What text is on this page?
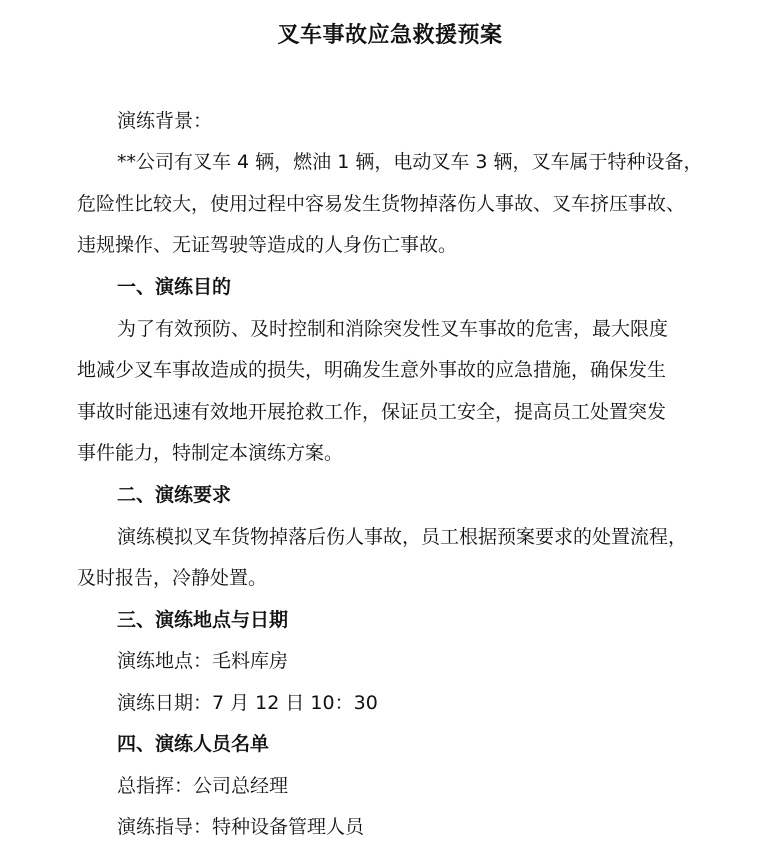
叉车事故应急救援预案
演练背景：
**公司有叉车 4 辆，燃油 1 辆，电动叉车 3 辆，叉车属于特种设备，
危险性比较大，使用过程中容易发生货物掉落伤人事故、叉车挤压事故、
违规操作、无证驾驶等造成的人身伤亡事故。
一、演练目的
为了有效预防、及时控制和消除突发性叉车事故的危害，最大限度
地减少叉车事故造成的损失，明确发生意外事故的应急措施，确保发生
事故时能迅速有效地开展抢救工作，保证员工安全，提高员工处置突发
事件能力，特制定本演练方案。
二、演练要求
演练模拟叉车货物掉落后伤人事故，员工根据预案要求的处置流程，
及时报告，冷静处置。
三、演练地点与日期
演练地点：毛料库房
演练日期：7 月 12 日 10：30
四、演练人员名单
总指挥：公司总经理
演练指导：特种设备管理人员
